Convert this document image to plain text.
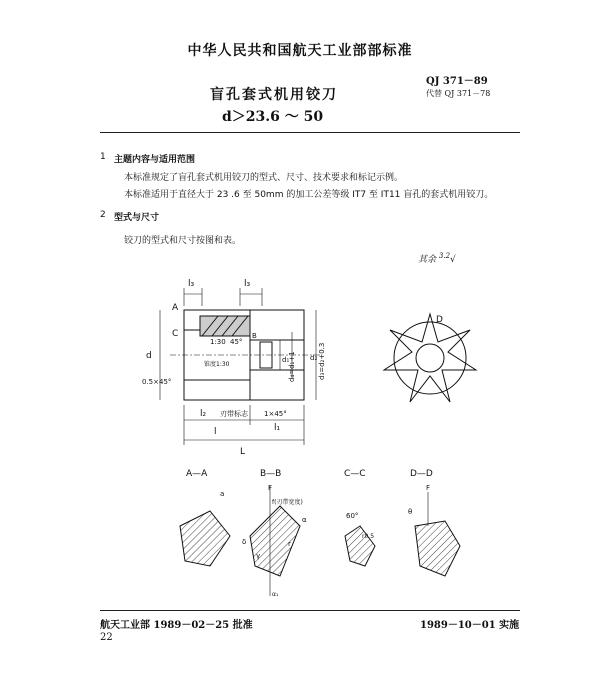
中华人民共和国航天工业部部标准
QJ 371－89
代替 QJ 371－78
盲孔套式机用铰刀
d＞23.6 ～ 50
1 主题内容与适用范围
本标准规定了盲孔套式机用铰刀的型式、尺寸、技术要求和标记示例。
本标准适用于直径大于 23 .6 至 50mm 的加工公差等级 IT7 至 IT11 盲孔的套式机用铰刀。
2 型式与尺寸
铰刀的型式和尺寸按图和表。
其余 $^{3.2}$√
l₃	l₃
A
C
d
0.5×45°
l₂ 刃带标志 1×45°
l₁
l
L
B
1:30 45°
d₁
d₄=d₁+1	d₃=d₂+0.3
d₂
D
锥度1:30
A—A	B—B	C—C	D—D
F
f(刃带宽度)
F
δ
γ
α
a
θ
60°
r0.5
α₁
r
航天工业部 1989－02－25 批准	1989－10－01 实施
22
